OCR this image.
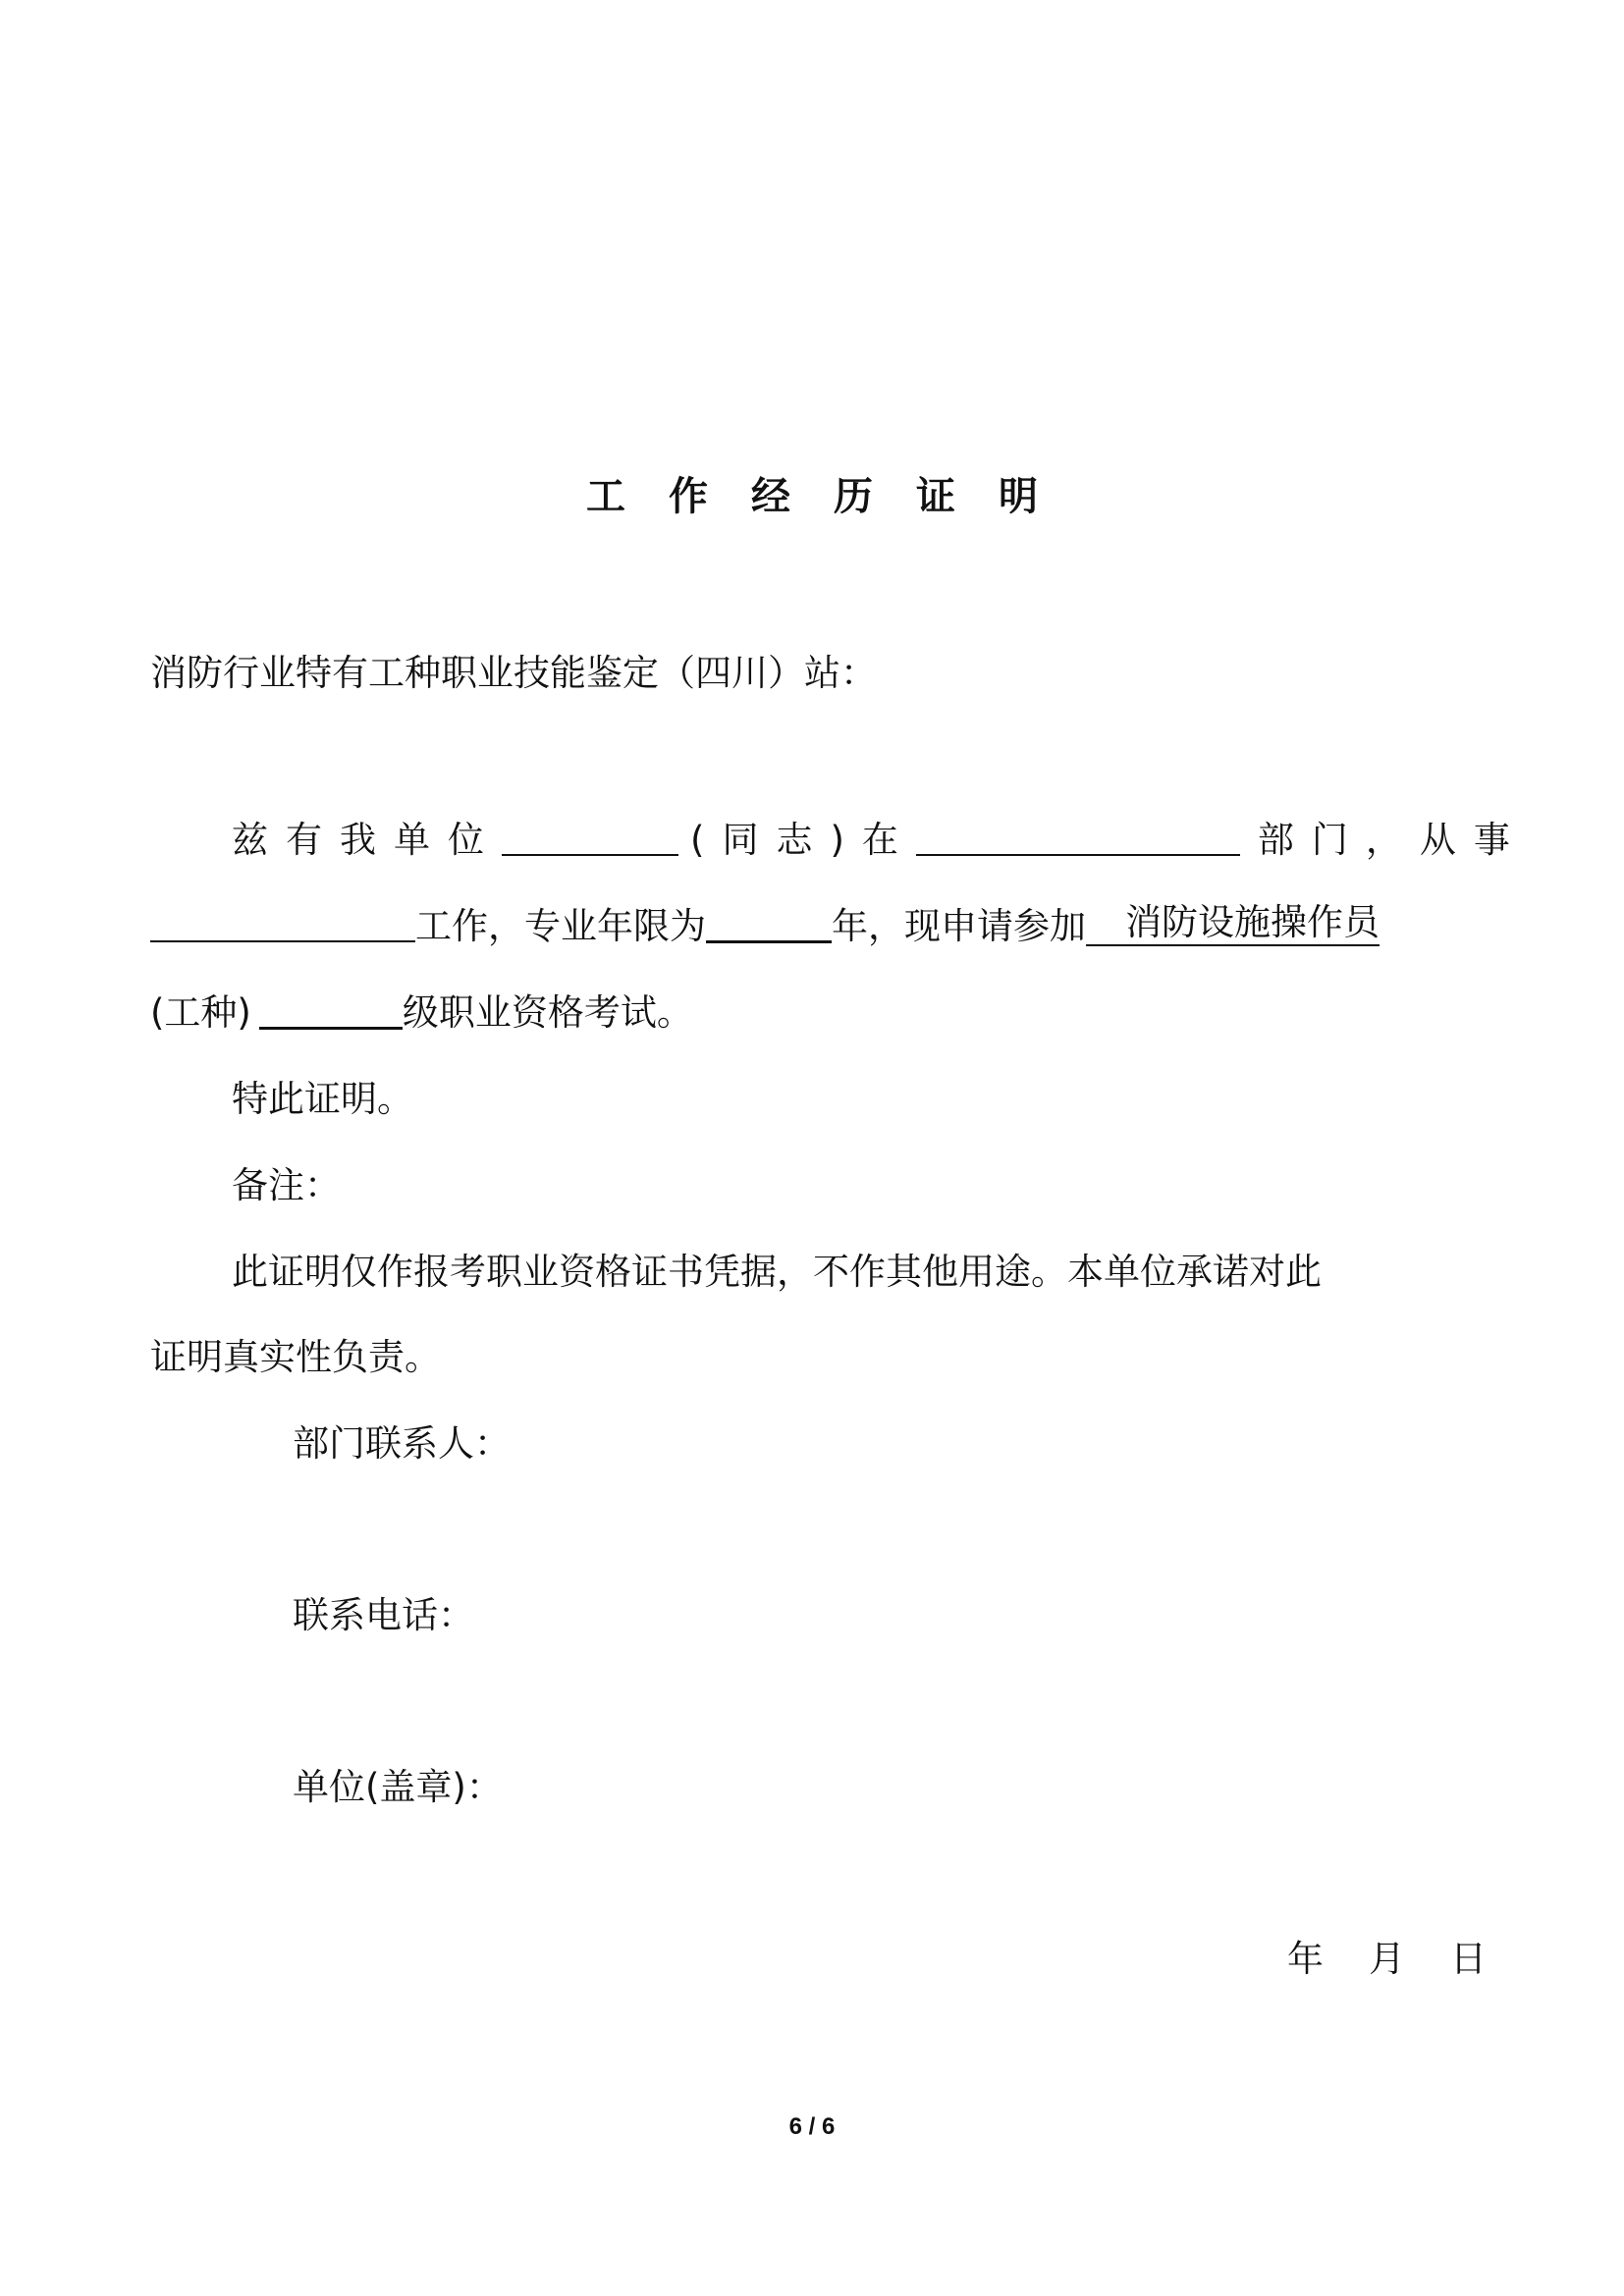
工 作 经 历 证 明
消防行业特有工种职业技能鉴定（四川）站：
兹 有 我 单 位	( 同 志 ) 在	部 门 ， 从 事
工作，专业年限为	年，现申请参加 消防设施操作员
(工种)	级职业资格考试。
特此证明。
备注：
此证明仅作报考职业资格证书凭据，不作其他用途。本单位承诺对此
证明真实性负责。
部门联系人：
联系电话：
单位(盖章)：
年 月 日
6 / 6
